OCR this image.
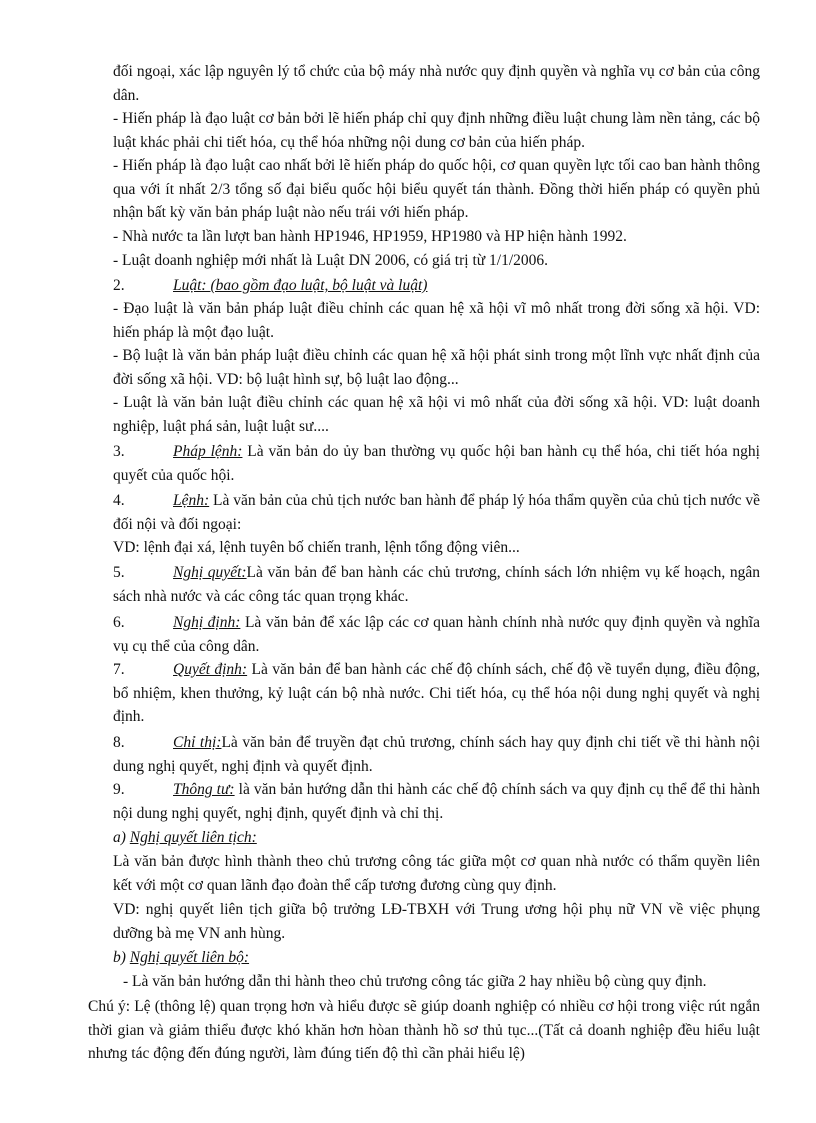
đối ngoại, xác lập nguyên lý tổ chức của bộ máy nhà nước quy định quyền và nghĩa vụ cơ bản của công dân.

- Hiến pháp là đạo luật cơ bản bởi lẽ hiến pháp chỉ quy định những điều luật chung làm nền tảng, các bộ luật khác phải chi tiết hóa, cụ thể hóa những nội dung cơ bản của hiến pháp.

- Hiến pháp là đạo luật cao nhất bởi lẽ hiến pháp do quốc hội, cơ quan quyền lực tối cao ban hành thông qua với ít nhất 2/3 tổng số đại biểu quốc hội biểu quyết tán thành. Đồng thời hiến pháp có quyền phủ nhận bất kỳ văn bản pháp luật nào nếu trái với hiến pháp.

- Nhà nước ta lần lượt ban hành HP1946, HP1959, HP1980 và HP hiện hành 1992.

- Luật doanh nghiệp mới nhất là Luật DN 2006, có giá trị từ 1/1/2006.

2.	Luật: (bao gồm đạo luật, bộ luật và luật)

- Đạo luật là văn bản pháp luật điều chỉnh các quan hệ xã hội vĩ mô nhất trong đời sống xã hội. VD: hiến pháp là một đạo luật.

- Bộ luật là văn bản pháp luật điều chỉnh các quan hệ xã hội phát sinh trong một lĩnh vực nhất định của đời sống xã hội. VD: bộ luật hình sự, bộ luật lao động...

- Luật là văn bản luật điều chỉnh các quan hệ xã hội vi mô nhất của đời sống xã hội. VD: luật doanh nghiệp, luật phá sản, luật luật sư....

3.	Pháp lệnh: Là văn bản do ủy ban thường vụ quốc hội ban hành cụ thể hóa, chi tiết hóa nghị quyết của quốc hội.

4.	Lệnh: Là văn bản của chủ tịch nước ban hành để pháp lý hóa thẩm quyền của chủ tịch nước về đối nội và đối ngoại:

VD: lệnh đại xá, lệnh tuyên bố chiến tranh, lệnh tổng động viên...

5.	Nghị quyết:Là văn bản để ban hành các chủ trương, chính sách lớn nhiệm vụ kế hoạch, ngân sách nhà nước và các công tác quan trọng khác.

6.	Nghị định: Là văn bản để xác lập các cơ quan hành chính nhà nước quy định quyền và nghĩa vụ cụ thể của công dân.

7.	Quyết định: Là văn bản để ban hành các chế độ chính sách, chế độ về tuyển dụng, điều động, bổ nhiệm, khen thưởng, kỷ luật cán bộ nhà nước. Chi tiết hóa, cụ thể hóa nội dung nghị quyết và nghị định.

8.	Chỉ thị:Là văn bản để truyền đạt chủ trương, chính sách hay quy định chi tiết về thi hành nội dung nghị quyết, nghị định và quyết định.

9.	Thông tư: là văn bản hướng dẫn thi hành các chế độ chính sách va quy định cụ thể để thi hành nội dung nghị quyết, nghị định, quyết định và chỉ thị.

a) Nghị quyết liên tịch:

Là văn bản được hình thành theo chủ trương công tác giữa một cơ quan nhà nước có thẩm quyền liên kết với một cơ quan lãnh đạo đoàn thể cấp tương đương cùng quy định.

VD: nghị quyết liên tịch giữa bộ trưởng LĐ-TBXH với Trung ương hội phụ nữ VN về việc phụng dưỡng bà mẹ VN anh hùng.

b) Nghị quyết liên bộ:

- Là văn bản hướng dẫn thi hành theo chủ trương công tác giữa 2 hay nhiều bộ cùng quy định.

Chú ý: Lệ (thông lệ) quan trọng hơn và hiểu được sẽ giúp doanh nghiệp có nhiều cơ hội trong việc rút ngắn thời gian và giảm thiểu được khó khăn hơn hòan thành hồ sơ thủ tục...(Tất cả doanh nghiệp đều hiểu luật nhưng tác động đến đúng người, làm đúng tiến độ thì cần phải hiểu lệ)
